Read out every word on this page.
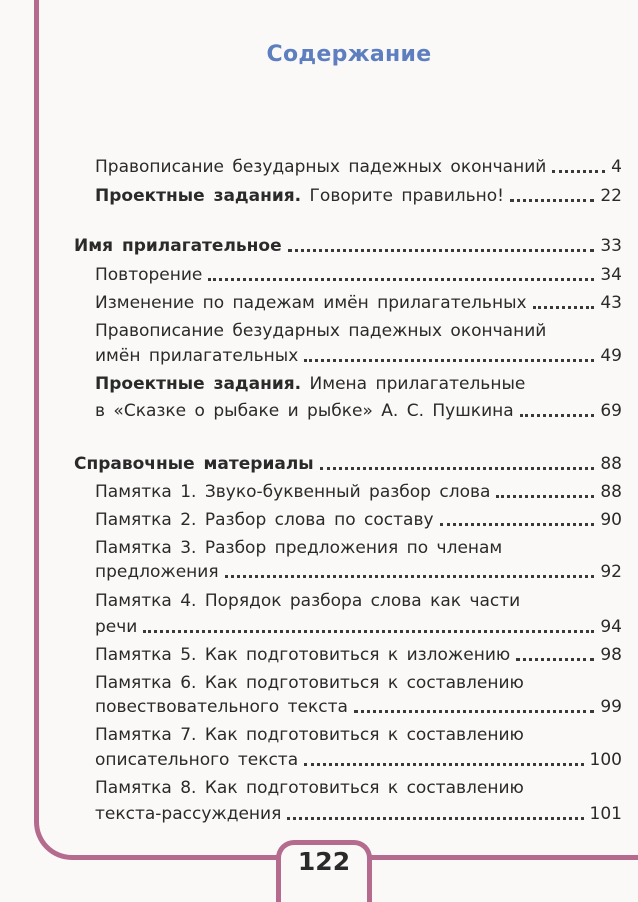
Содержание
Правописание безударных падежных окончаний	4
Проектные задания. Говорите правильно!	22
Имя прилагательное	33
Повторение	34
Изменение по падежам имён прилагательных	43
Правописание безударных падежных окончаний
имён прилагательных	49
Проектные задания. Имена прилагательные
в «Сказке о рыбаке и рыбке» А. С. Пушкина	69
Справочные материалы	88
Памятка 1. Звуко-буквенный разбор слова	88
Памятка 2. Разбор слова по составу	90
Памятка 3. Разбор предложения по членам
предложения	92
Памятка 4. Порядок разбора слова как части
речи	94
Памятка 5. Как подготовиться к изложению	98
Памятка 6. Как подготовиться к составлению
повествовательного текста	99
Памятка 7. Как подготовиться к составлению
описательного текста	100
Памятка 8. Как подготовиться к составлению
текста-рассуждения	101
122
